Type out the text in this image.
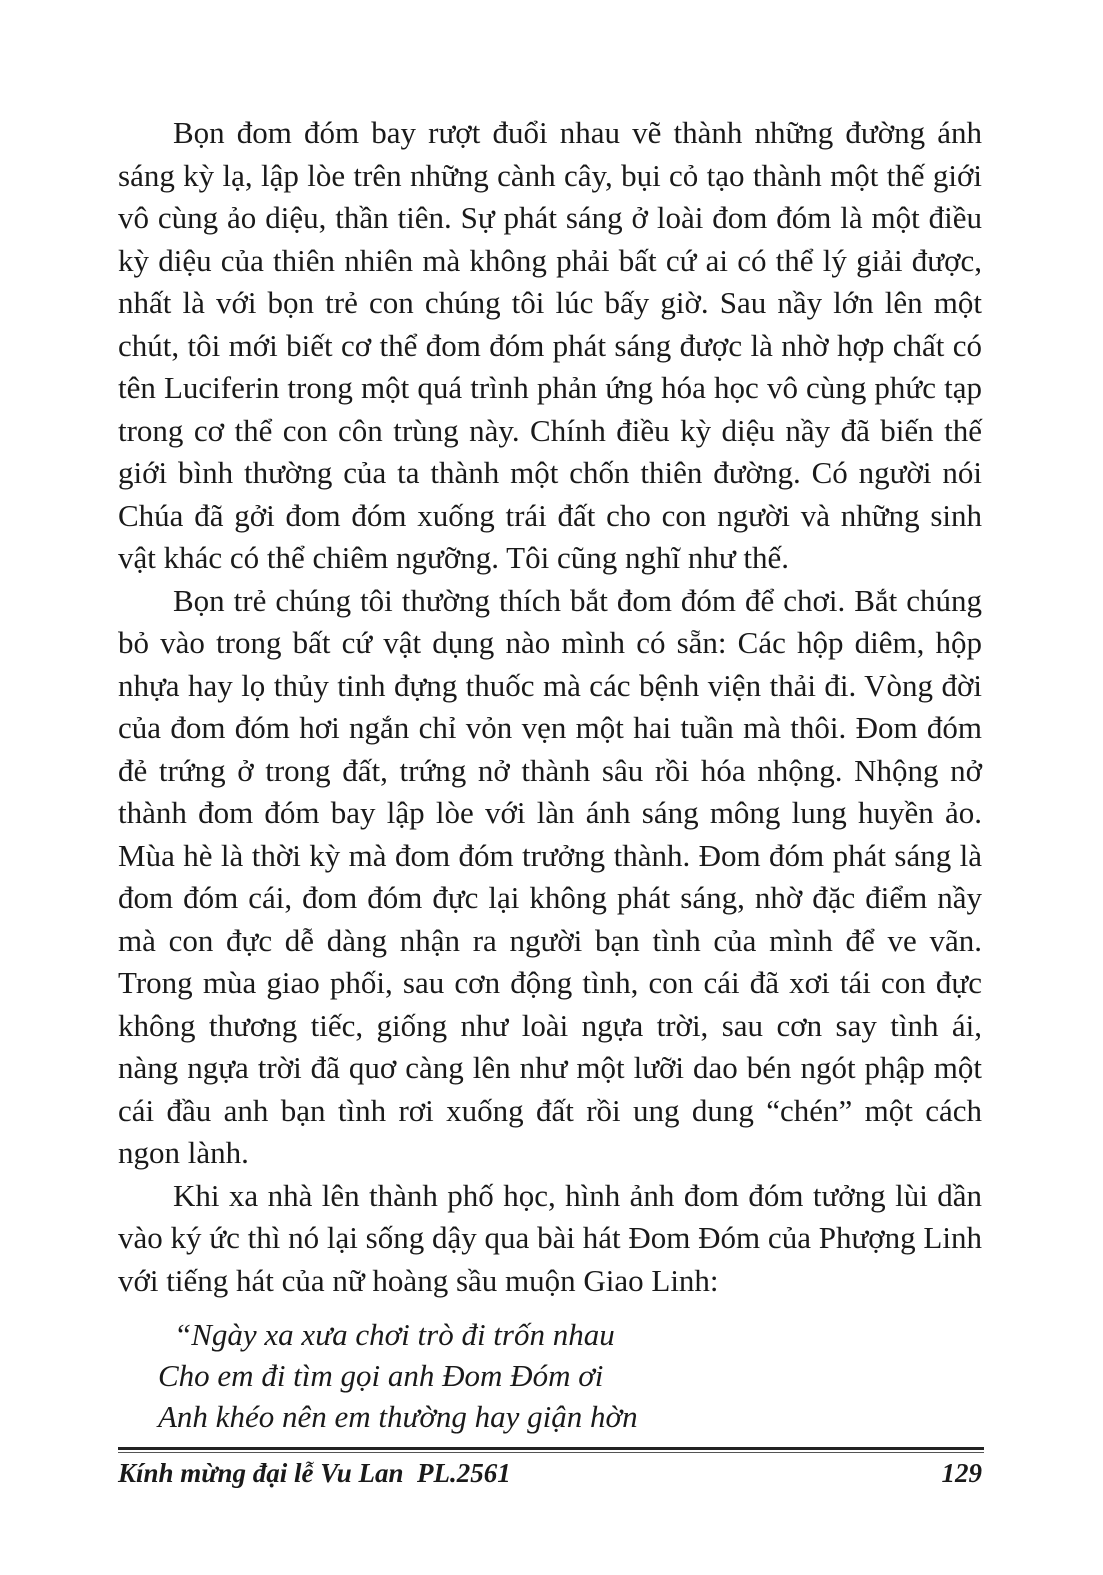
Bọn đom đóm bay rượt đuổi nhau vẽ thành những đường ánh sáng kỳ lạ, lập lòe trên những cành cây, bụi cỏ tạo thành một thế giới vô cùng ảo diệu, thần tiên. Sự phát sáng ở loài đom đóm là một điều kỳ diệu của thiên nhiên mà không phải bất cứ ai có thể lý giải được, nhất là với bọn trẻ con chúng tôi lúc bấy giờ. Sau nầy lớn lên một chút, tôi mới biết cơ thể đom đóm phát sáng được là nhờ hợp chất có tên Luciferin trong một quá trình phản ứng hóa học vô cùng phức tạp trong cơ thể con côn trùng này. Chính điều kỳ diệu nầy đã biến thế giới bình thường của ta thành một chốn thiên đường. Có người nói Chúa đã gởi đom đóm xuống trái đất cho con người và những sinh vật khác có thể chiêm ngưỡng. Tôi cũng nghĩ như thế.

Bọn trẻ chúng tôi thường thích bắt đom đóm để chơi. Bắt chúng bỏ vào trong bất cứ vật dụng nào mình có sẵn: Các hộp diêm, hộp nhựa hay lọ thủy tinh đựng thuốc mà các bệnh viện thải đi. Vòng đời của đom đóm hơi ngắn chỉ vỏn vẹn một hai tuần mà thôi. Đom đóm đẻ trứng ở trong đất, trứng nở thành sâu rồi hóa nhộng. Nhộng nở thành đom đóm bay lập lòe với làn ánh sáng mông lung huyền ảo. Mùa hè là thời kỳ mà đom đóm trưởng thành. Đom đóm phát sáng là đom đóm cái, đom đóm đực lại không phát sáng, nhờ đặc điểm nầy mà con đực dễ dàng nhận ra người bạn tình của mình để ve vãn. Trong mùa giao phối, sau cơn động tình, con cái đã xơi tái con đực không thương tiếc, giống như loài ngựa trời, sau cơn say tình ái, nàng ngựa trời đã quơ càng lên như một lưỡi dao bén ngót phập một cái đầu anh bạn tình rơi xuống đất rồi ung dung “chén” một cách ngon lành.

Khi xa nhà lên thành phố học, hình ảnh đom đóm tưởng lùi dần vào ký ức thì nó lại sống dậy qua bài hát Đom Đóm của Phượng Linh với tiếng hát của nữ hoàng sầu muộn Giao Linh:

“Ngày xa xưa chơi trò đi trốn nhau
Cho em đi tìm gọi anh Đom Đóm ơi
Anh khéo nên em thường hay giận hờn
Kính mừng đại lễ Vu Lan  PL.2561	129
